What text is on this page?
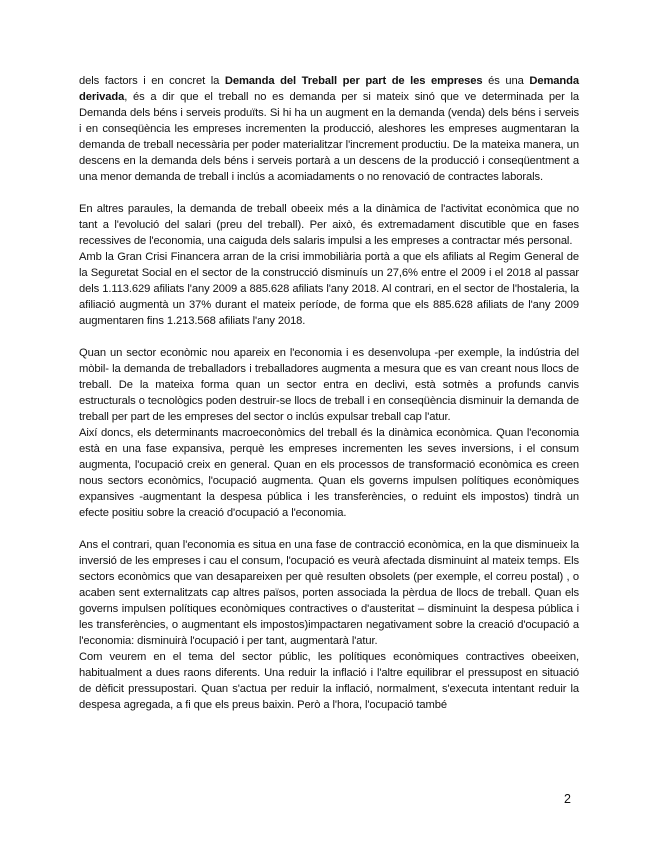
dels factors i en concret la Demanda del Treball per part de les empreses és una Demanda derivada, és a dir que el treball no es demanda per si mateix sinó que ve determinada per la Demanda dels béns i serveis produïts. Si hi ha un augment en la demanda (venda) dels béns i serveis i en conseqüència les empreses incrementen la producció, aleshores les empreses augmentaran la demanda de treball necessària per poder materialitzar l'increment productiu. De la mateixa manera, un descens en la demanda dels béns i serveis portarà a un descens de la producció i conseqüentment a una menor demanda de treball i inclús a acomiadaments o no renovació de contractes laborals.

En altres paraules, la demanda de treball obeeix més a la dinàmica de l'activitat econòmica que no tant a l'evolució del salari (preu del treball). Per això, és extremadament discutible que en fases recessives de l'economia, una caiguda dels salaris impulsi a les empreses a contractar més personal.

Amb la Gran Crisi Financera arran de la crisi immobiliària portà a que els afiliats al Regim General de la Seguretat Social en el sector de la construcció disminuís un 27,6% entre el 2009 i el 2018 al passar dels 1.113.629 afiliats l'any 2009 a 885.628 afiliats l'any 2018. Al contrari, en el sector de l'hostaleria, la afiliació augmentà un 37% durant el mateix període, de forma que els 885.628 afiliats de l'any 2009 augmentaren fins 1.213.568 afiliats l'any 2018.

Quan un sector econòmic nou apareix en l'economia i es desenvolupa -per exemple, la indústria del mòbil- la demanda de treballadors i treballadores augmenta a mesura que es van creant nous llocs de treball. De la mateixa forma quan un sector entra en declivi, està sotmès a profunds canvis estructurals o tecnològics poden destruir-se llocs de treball i en conseqüència disminuir la demanda de treball per part de les empreses del sector o inclús expulsar treball cap l'atur.

Així doncs, els determinants macroeconòmics del treball és la dinàmica econòmica. Quan l'economia està en una fase expansiva, perquè les empreses incrementen les seves inversions, i el consum augmenta, l'ocupació creix en general. Quan en els processos de transformació econòmica es creen nous sectors econòmics, l'ocupació augmenta. Quan els governs impulsen polítiques econòmiques expansives -augmentant la despesa pública i les transferències, o reduint els impostos) tindrà un efecte positiu sobre la creació d'ocupació a l'economia.

Ans el contrari, quan l'economia es situa en una fase de contracció econòmica, en la que disminueix la inversió de les empreses i cau el consum, l'ocupació es veurà afectada disminuint al mateix temps. Els sectors econòmics que van desapareixen per què resulten obsolets (per exemple, el correu postal) , o acaben sent externalitzats cap altres països, porten associada la pèrdua de llocs de treball. Quan els governs impulsen polítiques econòmiques contractives o d'austeritat – disminuint la despesa pública i les transferències, o augmentant els impostos)impactaren negativament sobre la creació d'ocupació a l'economia: disminuirà l'ocupació i per tant, augmentarà l'atur.

Com veurem en el tema del sector públic, les polítiques econòmiques contractives obeeixen, habitualment a dues raons diferents. Una reduir la inflació i l'altre equilibrar el pressupost en situació de dèficit pressupostari. Quan s'actua per reduir la inflació, normalment, s'executa intentant reduir la despesa agregada, a fi que els preus baixin. Però a l'hora, l'ocupació també

2
